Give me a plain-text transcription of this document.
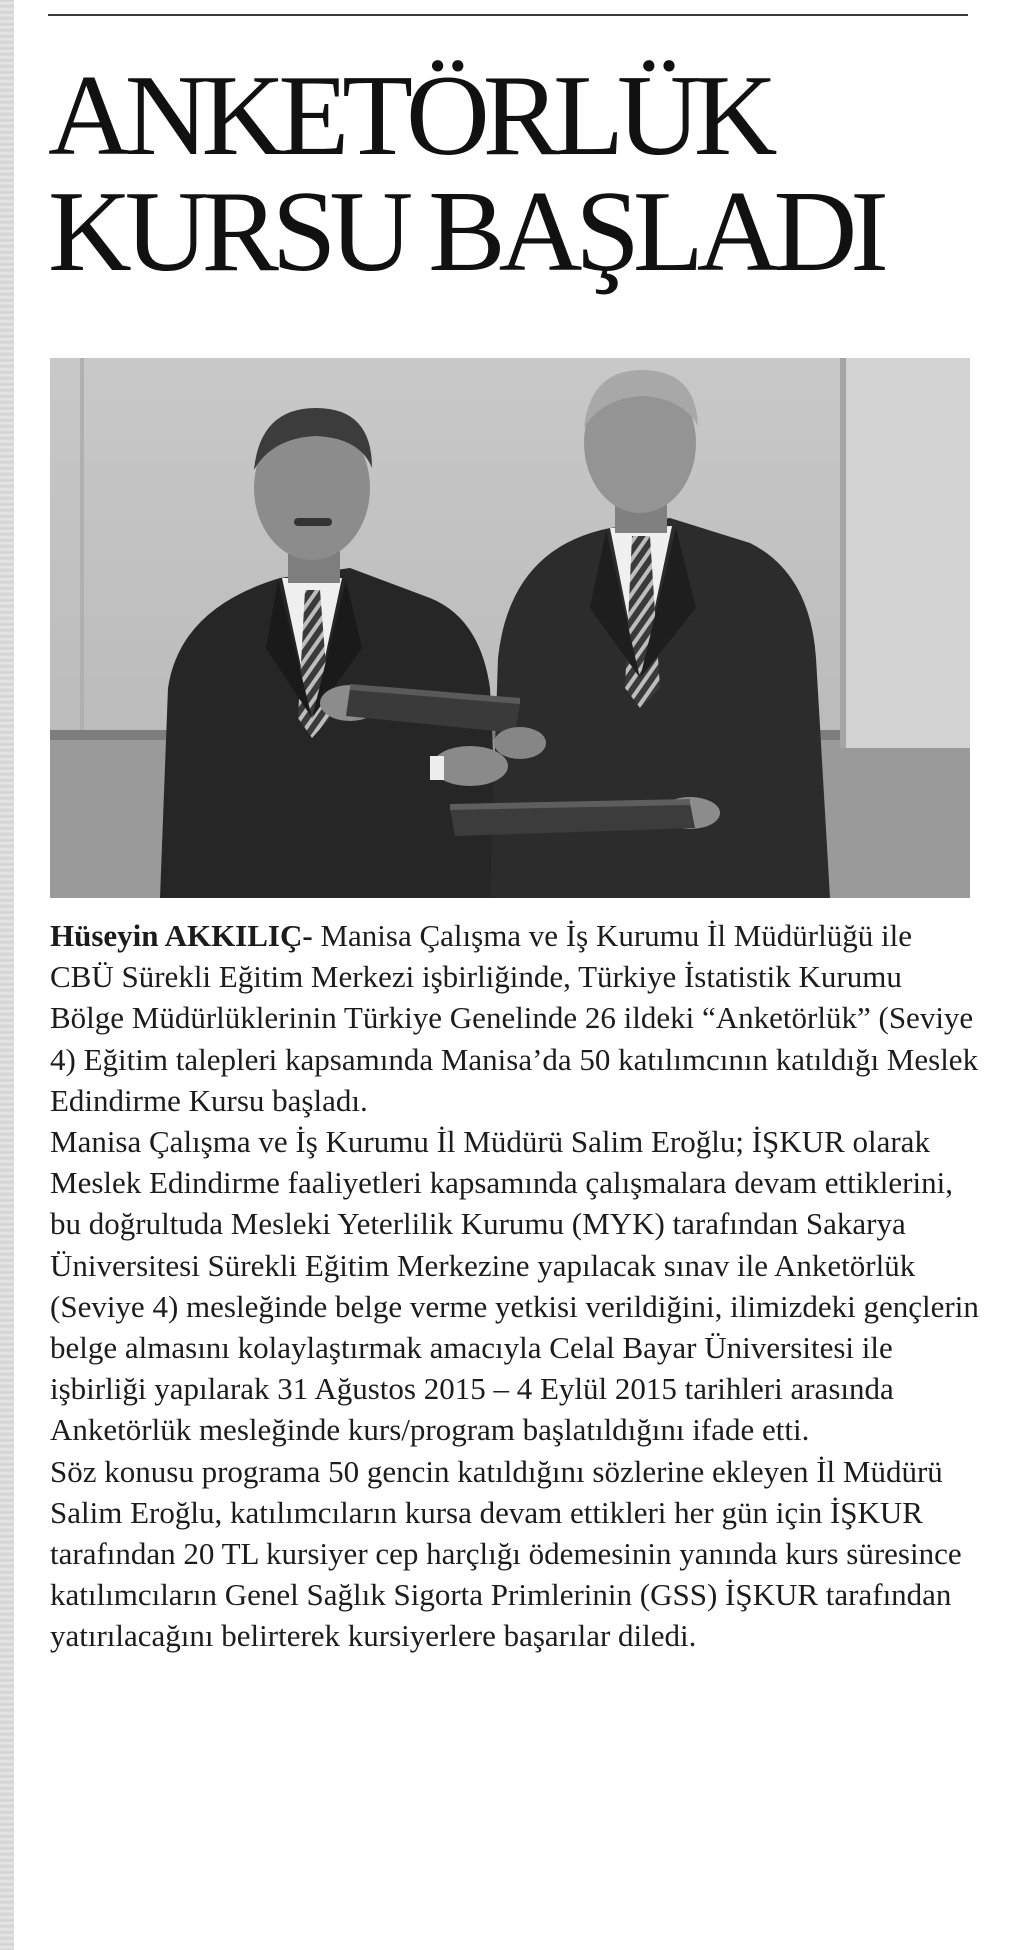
ANKETÖRLÜK
KURSU BAŞLADI

Hüseyin AKKILIÇ- Manisa Çalışma ve İş Kurumu İl Müdürlüğü ile CBÜ Sürekli Eğitim Merkezi işbirliğinde, Türkiye İstatistik Kurumu Bölge Müdürlüklerinin Türkiye Genelinde 26 ildeki “Anketörlük” (Seviye 4) Eğitim talepleri kapsamında Manisa’da 50 katılımcının katıldığı Meslek Edindirme Kursu başladı.

Manisa Çalışma ve İş Kurumu İl Müdürü Salim Eroğlu; İŞKUR olarak Meslek Edindirme faaliyetleri kapsamında çalışmalara devam ettiklerini, bu doğrultuda Mesleki Yeterlilik Kurumu (MYK) tarafından Sakarya Üniversitesi Sürekli Eğitim Merkezine yapılacak sınav ile Anketörlük (Seviye 4) mesleğinde belge verme yetkisi verildiğini, ilimizdeki gençlerin belge almasını kolaylaştırmak amacıyla Celal Bayar Üniversitesi ile işbirliği yapılarak 31 Ağustos 2015 – 4 Eylül 2015 tarihleri arasında Anketörlük mesleğinde kurs/program başlatıldığını ifade etti.

Söz konusu programa 50 gencin katıldığını sözlerine ekleyen İl Müdürü Salim Eroğlu, katılımcıların kursa devam ettikleri her gün için İŞKUR tarafından 20 TL kursiyer cep harçlığı ödemesinin yanında kurs süresince katılımcıların Genel Sağlık Sigorta Primlerinin (GSS) İŞKUR tarafından yatırılacağını belirterek kursiyerlere başarılar diledi.
